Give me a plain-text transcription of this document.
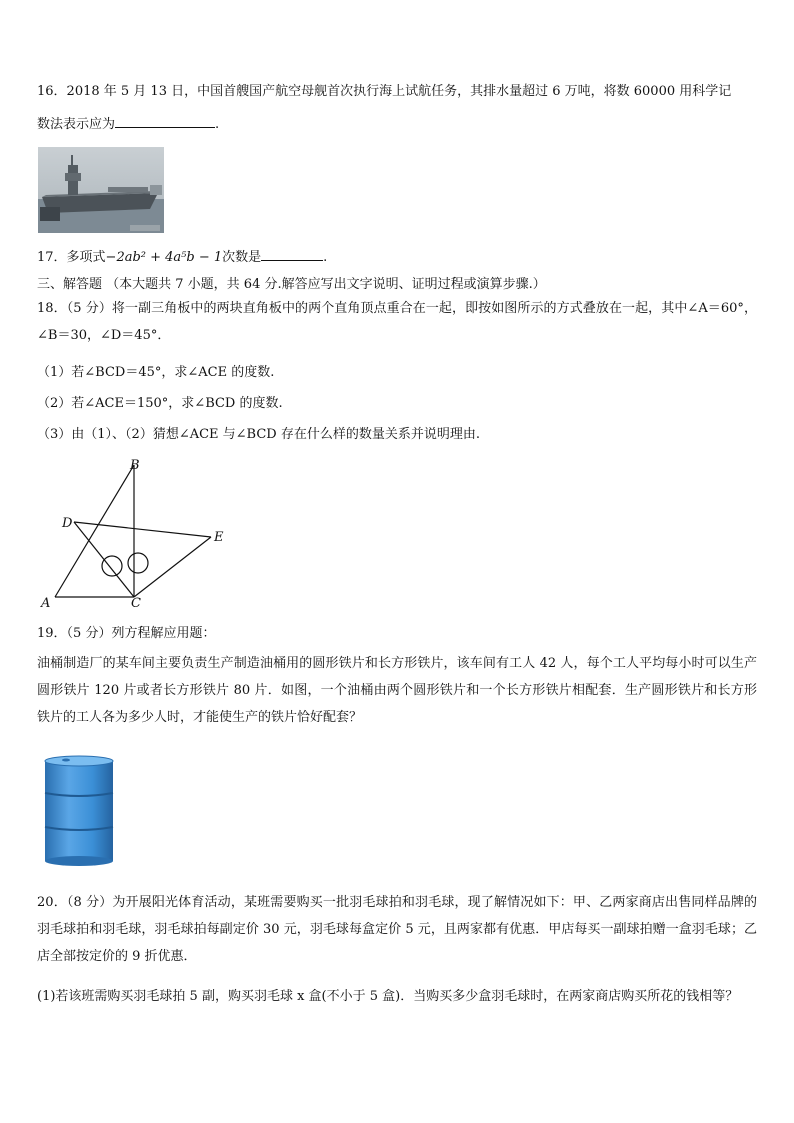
16．2018 年 5 月 13 日，中国首艘国产航空母舰首次执行海上试航任务，其排水量超过 6 万吨，将数 60000 用科学记
数法表示应为	.
17．多项式−2ab² + 4a⁵b − 1次数是	.
三、解答题 （本大题共 7 小题，共 64 分.解答应写出文字说明、证明过程或演算步骤.）
18．（5 分）将一副三角板中的两块直角板中的两个直角顶点重合在一起，即按如图所示的方式叠放在一起，其中∠A＝60°，∠B＝30，∠D＝45°．
（1）若∠BCD＝45°，求∠ACE 的度数.
（2）若∠ACE＝150°，求∠BCD 的度数.
（3）由（1）、（2）猜想∠ACE 与∠BCD 存在什么样的数量关系并说明理由.
B
D
E
A	C
19．（5 分）列方程解应用题：
油桶制造厂的某车间主要负责生产制造油桶用的圆形铁片和长方形铁片，该车间有工人 42 人，每个工人平均每小时可以生产圆形铁片 120 片或者长方形铁片 80 片．如图，一个油桶由两个圆形铁片和一个长方形铁片相配套．生产圆形铁片和长方形铁片的工人各为多少人时，才能使生产的铁片恰好配套？
20．（8 分）为开展阳光体育活动，某班需要购买一批羽毛球拍和羽毛球，现了解情况如下：甲、乙两家商店出售同样品牌的羽毛球拍和羽毛球，羽毛球拍每副定价 30 元，羽毛球每盒定价 5 元，且两家都有优惠．甲店每买一副球拍赠一盒羽毛球；乙店全部按定价的 9 折优惠．
(1)若该班需购买羽毛球拍 5 副，购买羽毛球 x 盒(不小于 5 盒)．当购买多少盒羽毛球时，在两家商店购买所花的钱相等？
